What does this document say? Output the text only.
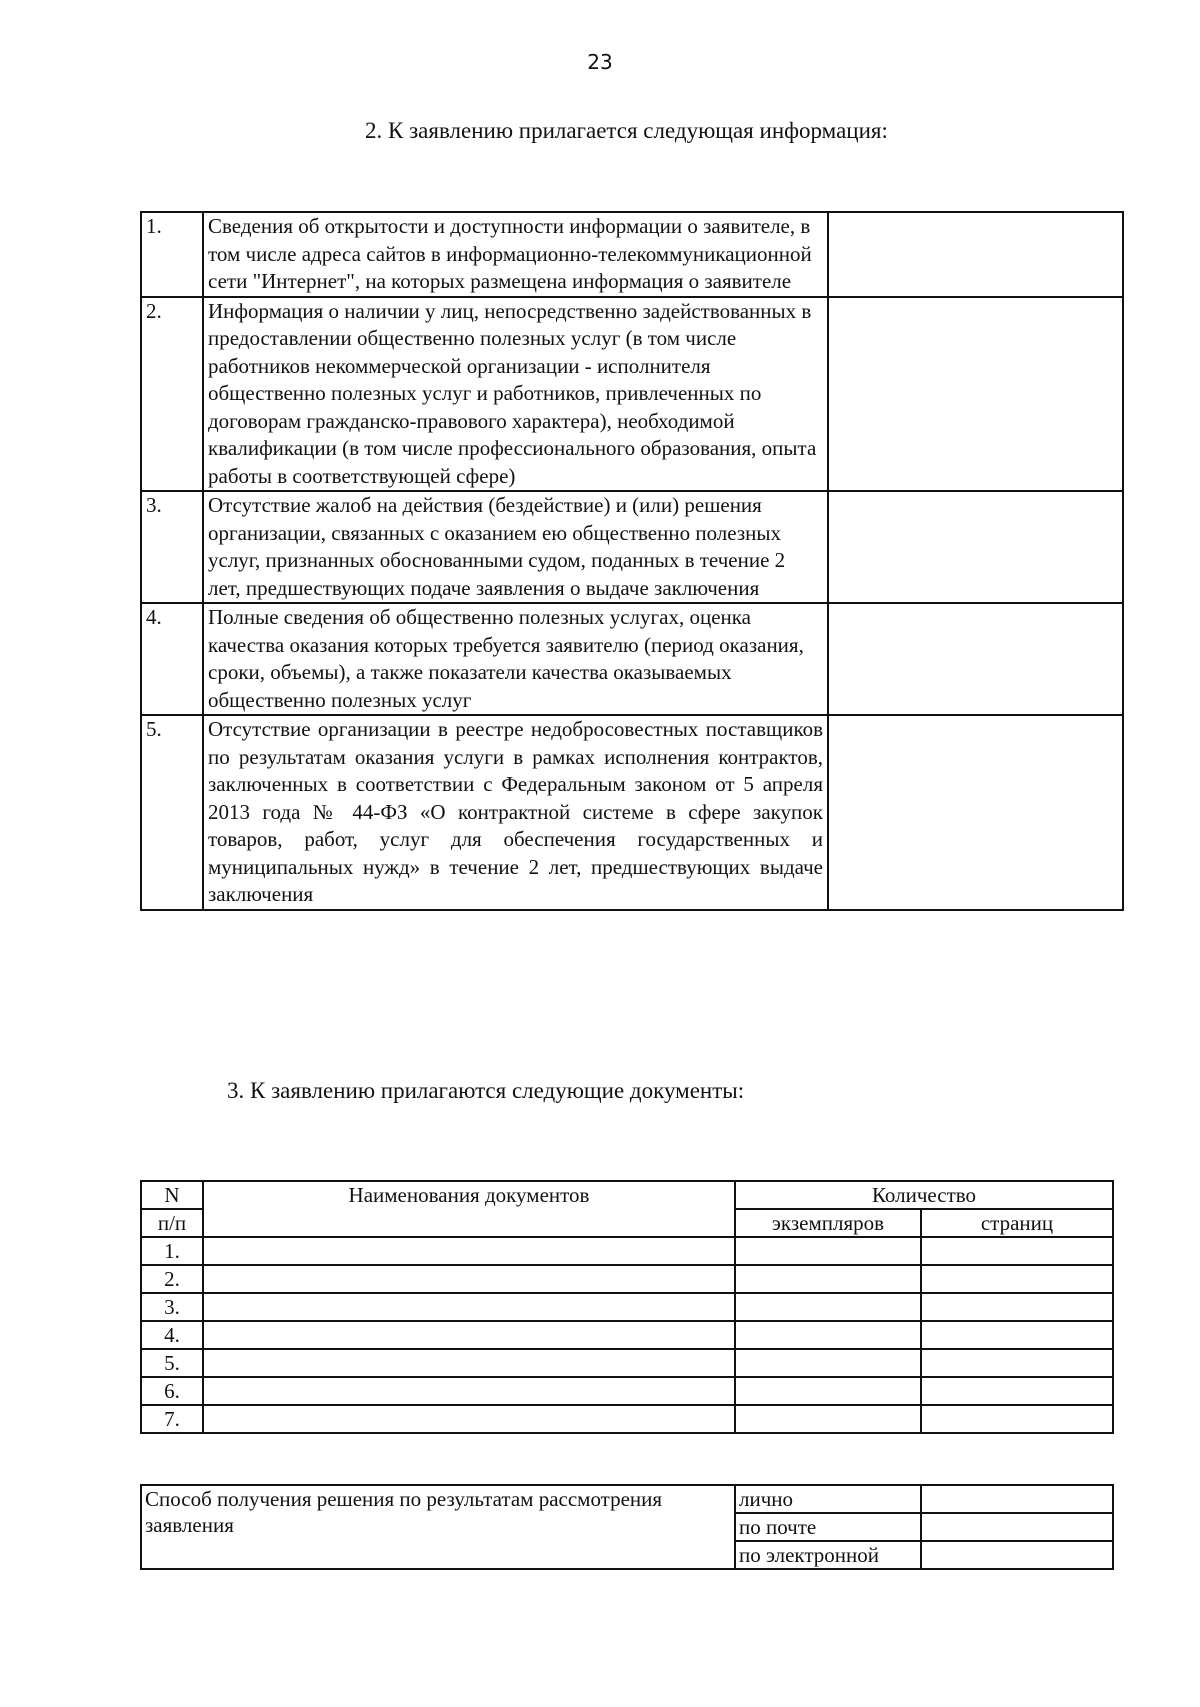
23
2. К заявлению прилагается следующая информация:
1.	Сведения об открытости и доступности информации о заявителе, в том числе адреса сайтов в информационно-телекоммуникационной сети "Интернет", на которых размещена информация о заявителе	
2.	Информация о наличии у лиц, непосредственно задействованных в предоставлении общественно полезных услуг (в том числе работников некоммерческой организации - исполнителя общественно полезных услуг и работников, привлеченных по договорам гражданско-правового характера), необходимой квалификации (в том числе профессионального образования, опыта работы в соответствующей сфере)	
3.	Отсутствие жалоб на действия (бездействие) и (или) решения организации, связанных с оказанием ею общественно полезных услуг, признанных обоснованными судом, поданных в течение 2 лет, предшествующих подаче заявления о выдаче заключения	
4.	Полные сведения об общественно полезных услугах, оценка качества оказания которых требуется заявителю (период оказания, сроки, объемы), а также показатели качества оказываемых общественно полезных услуг	
5.	Отсутствие организации в реестре недобросовестных поставщиков по результатам оказания услуги в рамках исполнения контрактов, заключенных в соответствии с Федеральным законом от 5 апреля 2013 года № 44-ФЗ «О контрактной системе в сфере закупок товаров, работ, услуг для обеспечения государственных и муниципальных нужд» в течение 2 лет, предшествующих выдаче
заключения	

3. К заявлению прилагаются следующие документы:
N	Наименования документов	Количество	
п/п		экземпляров	страниц
1.			
2.			
3.			
4.			
5.			
6.			
7.			
Способ получения решения по результатам рассмотрения заявления	лично	
	по почте	
	по электронной	
